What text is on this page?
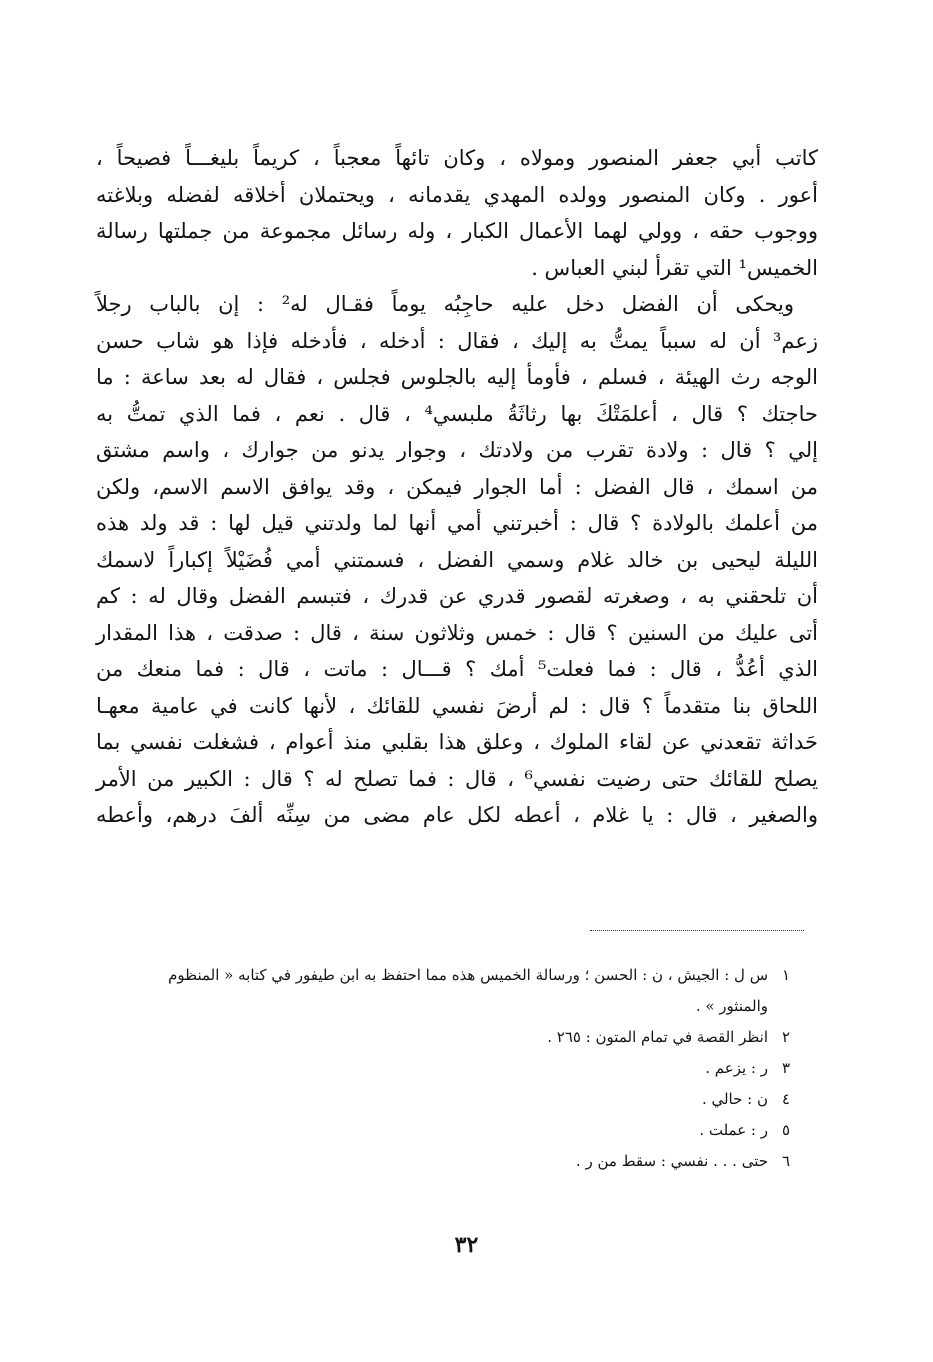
كاتب أبي جعفر المنصور ومولاه ، وكان تائهاً معجباً ، كريماً بليغـــاً فصيحاً ،
أعور . وكان المنصور وولده المهدي يقدمانه ، ويحتملان أخلاقه لفضله وبلاغته
ووجوب حقه ، وولي لهما الأعمال الكبار ، وله رسائل مجموعة من جملتها رسالة
الخميس¹ التي تقرأ لبني العباس .
ويحكى أن الفضل دخل عليه حاجِبُه يوماً فقـال له² : إن بالباب رجلاً
زعم³ أن له سبباً يمتُّ به إليك ، فقال : أدخله ، فأدخله فإذا هو شاب حسن
الوجه رث الهيئة ، فسلم ، فأومأ إليه بالجلوس فجلس ، فقال له بعد ساعة : ما
حاجتك ؟ قال ، أعلمَتْكَ بها رثاثَةُ ملبسي⁴ ، قال . نعم ، فما الذي تمتُّ به
إلي ؟ قال : ولادة تقرب من ولادتك ، وجوار يدنو من جوارك ، واسم مشتق
من اسمك ، قال الفضل : أما الجوار فيمكن ، وقد يوافق الاسم الاسم، ولكن
من أعلمك بالولادة ؟ قال : أخبرتني أمي أنها لما ولدتني قيل لها : قد ولد هذه
الليلة ليحيى بن خالد غلام وسمي الفضل ، فسمتني أمي فُضَيْلاً إكباراً لاسمك
أن تلحقني به ، وصغرته لقصور قدري عن قدرك ، فتبسم الفضل وقال له : كم
أتى عليك من السنين ؟ قال : خمس وثلاثون سنة ، قال : صدقت ، هذا المقدار
الذي أعُدُّ ، قال : فما فعلت⁵ أمك ؟ قـــال : ماتت ، قال : فما منعك من
اللحاق بنا متقدماً ؟ قال : لم أرضَ نفسي للقائك ، لأنها كانت في عامية معهـا
حَداثة تقعدني عن لقاء الملوك ، وعلق هذا بقلبي منذ أعوام ، فشغلت نفسي بما
يصلح للقائك حتى رضيت نفسي⁶ ، قال : فما تصلح له ؟ قال : الكبير من الأمر
والصغير ، قال : يا غلام ، أعطه لكل عام مضى من سِنِّه ألفَ درهم، وأعطه
١
س ل : الجيش ، ن : الحسن ؛ ورسالة الخميس هذه مما احتفظ به ابن طيفور في كتابه « المنظوم
والمنثور » .
٢
انظر القصة في تمام المتون : ٢٦٥ .
٣
ر : يزعم .
٤
ن : حالي .
٥
ر : عملت .
٦
حتى . . . نفسي : سقط من ر .
٣٢
